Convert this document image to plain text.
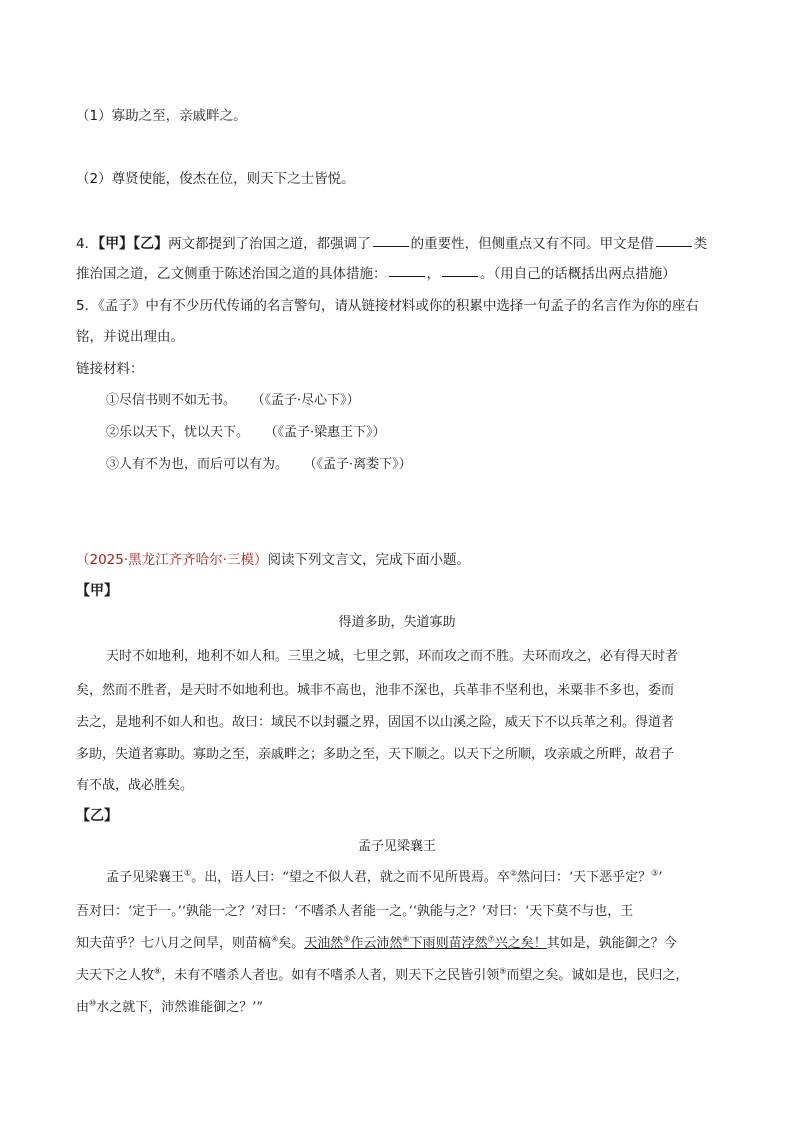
（1）寡助之至，亲戚畔之。
（2）尊贤使能，俊杰在位，则天下之士皆悦。
4．【甲】【乙】两文都提到了治国之道，都强调了	的重要性，但侧重点又有不同。甲文是借	类
推治国之道，乙文侧重于陈述治国之道的具体措施：	，	。（用自己的话概括出两点措施）
5．《孟子》中有不少历代传诵的名言警句，请从链接材料或你的积累中选择一句孟子的名言作为你的座右
铭，并说出理由。
链接材料：
①尽信书则不如无书。 （《孟子·尽心下》）
②乐以天下，忧以天下。 （《孟子·梁惠王下》）
③人有不为也，而后可以有为。 （《孟子·离娄下》）
（2025·黑龙江齐齐哈尔·三模）阅读下列文言文，完成下面小题。
【甲】
得道多助，失道寡助
天时不如地利，地利不如人和。三里之城，七里之郭，环而攻之而不胜。夫环而攻之，必有得天时者
矣，然而不胜者，是天时不如地利也。城非不高也，池非不深也，兵革非不坚利也，米粟非不多也，委而
去之，是地利不如人和也。故曰：域民不以封疆之界，固国不以山溪之险，威天下不以兵革之利。得道者
多助，失道者寡助。寡助之至，亲戚畔之；多助之至，天下顺之。以天下之所顺，攻亲戚之所畔，故君子
有不战，战必胜矣。
【乙】
孟子见梁襄王
孟子见梁襄王①。出，语人曰：“望之不似人君，就之而不见所畏焉。卒②然问曰：‘天下恶乎定？③’
吾对曰：‘定于一。’‘孰能一之？’对曰：‘不嗜杀人者能一之。’‘孰能与之？’对曰：‘天下莫不与也，王
知夫苗乎？七八月之间旱，则苗槁④矣。天油然⑤作云沛然⑥下雨则苗浡然⑦兴之矣！其如是，孰能御之？今
夫天下之人牧⑧，未有不嗜杀人者也。如有不嗜杀人者，则天下之民皆引领⑨而望之矣。诚如是也，民归之，
由⑩水之就下，沛然谁能御之？’”
